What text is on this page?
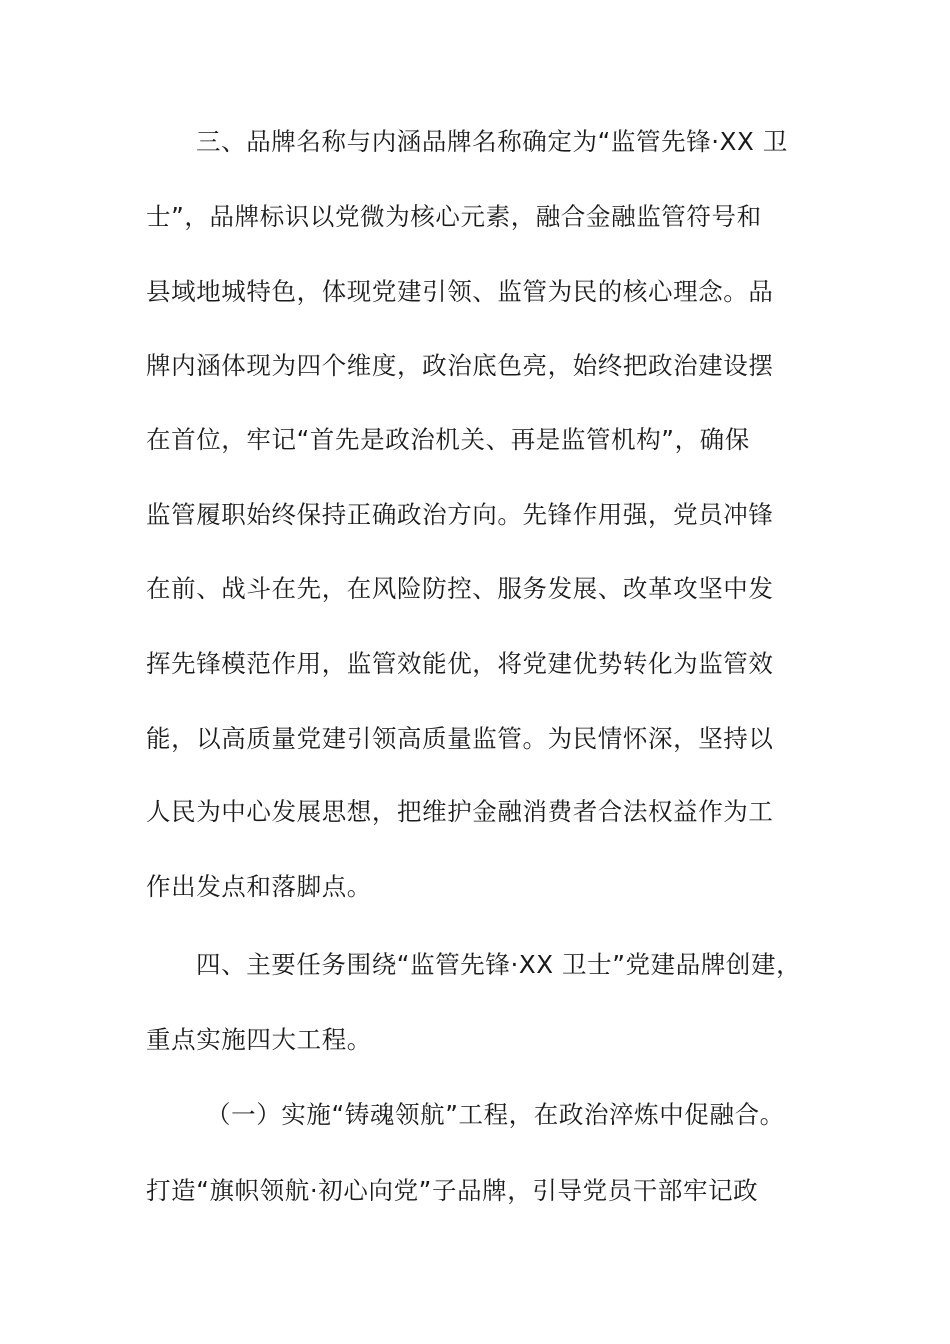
三、品牌名称与内涵品牌名称确定为“监管先锋·XX 卫
士”，品牌标识以党微为核心元素，融合金融监管符号和
县域地城特色，体现党建引领、监管为民的核心理念。品
牌内涵体现为四个维度，政治底色亮，始终把政治建设摆
在首位，牢记“首先是政治机关、再是监管机构”，确保
监管履职始终保持正确政治方向。先锋作用强，党员冲锋
在前、战斗在先，在风险防控、服务发展、改革攻坚中发
挥先锋模范作用，监管效能优，将党建优势转化为监管效
能，以高质量党建引领高质量监管。为民情怀深，坚持以
人民为中心发展思想，把维护金融消费者合法权益作为工
作出发点和落脚点。
四、主要任务围绕“监管先锋·XX 卫士”党建品牌创建，
重点实施四大工程。
（一）实施“铸魂领航”工程，在政治淬炼中促融合。
打造“旗帜领航·初心向党”子品牌，引导党员干部牢记政
